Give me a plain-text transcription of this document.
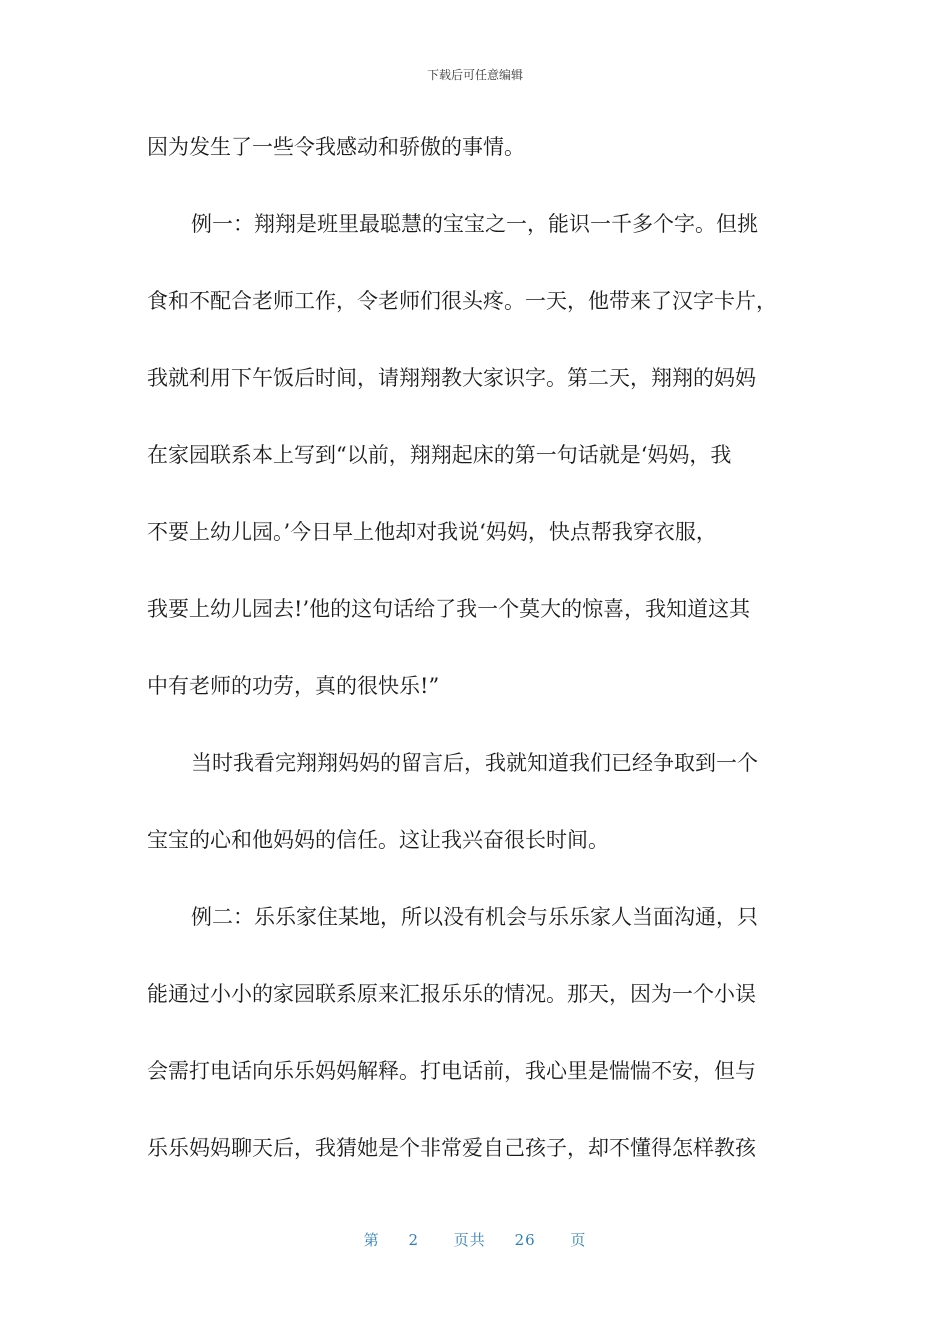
下载后可任意编辑
因为发生了一些令我感动和骄傲的事情。
例一：翔翔是班里最聪慧的宝宝之一，能识一千多个字。但挑
食和不配合老师工作，令老师们很头疼。一天，他带来了汉字卡片，
我就利用下午饭后时间，请翔翔教大家识字。第二天，翔翔的妈妈
在家园联系本上写到“以前，翔翔起床的第一句话就是‘妈妈，我
不要上幼儿园。’今日早上他却对我说‘妈妈，快点帮我穿衣服，
我要上幼儿园去!’他的这句话给了我一个莫大的惊喜，我知道这其
中有老师的功劳，真的很快乐!”
当时我看完翔翔妈妈的留言后，我就知道我们已经争取到一个
宝宝的心和他妈妈的信任。这让我兴奋很长时间。
例二：乐乐家住某地，所以没有机会与乐乐家人当面沟通，只
能通过小小的家园联系原来汇报乐乐的情况。那天，因为一个小误
会需打电话向乐乐妈妈解释。打电话前，我心里是惴惴不安，但与
乐乐妈妈聊天后，我猜她是个非常爱自己孩子，却不懂得怎样教孩
第 2 页共 26 页
